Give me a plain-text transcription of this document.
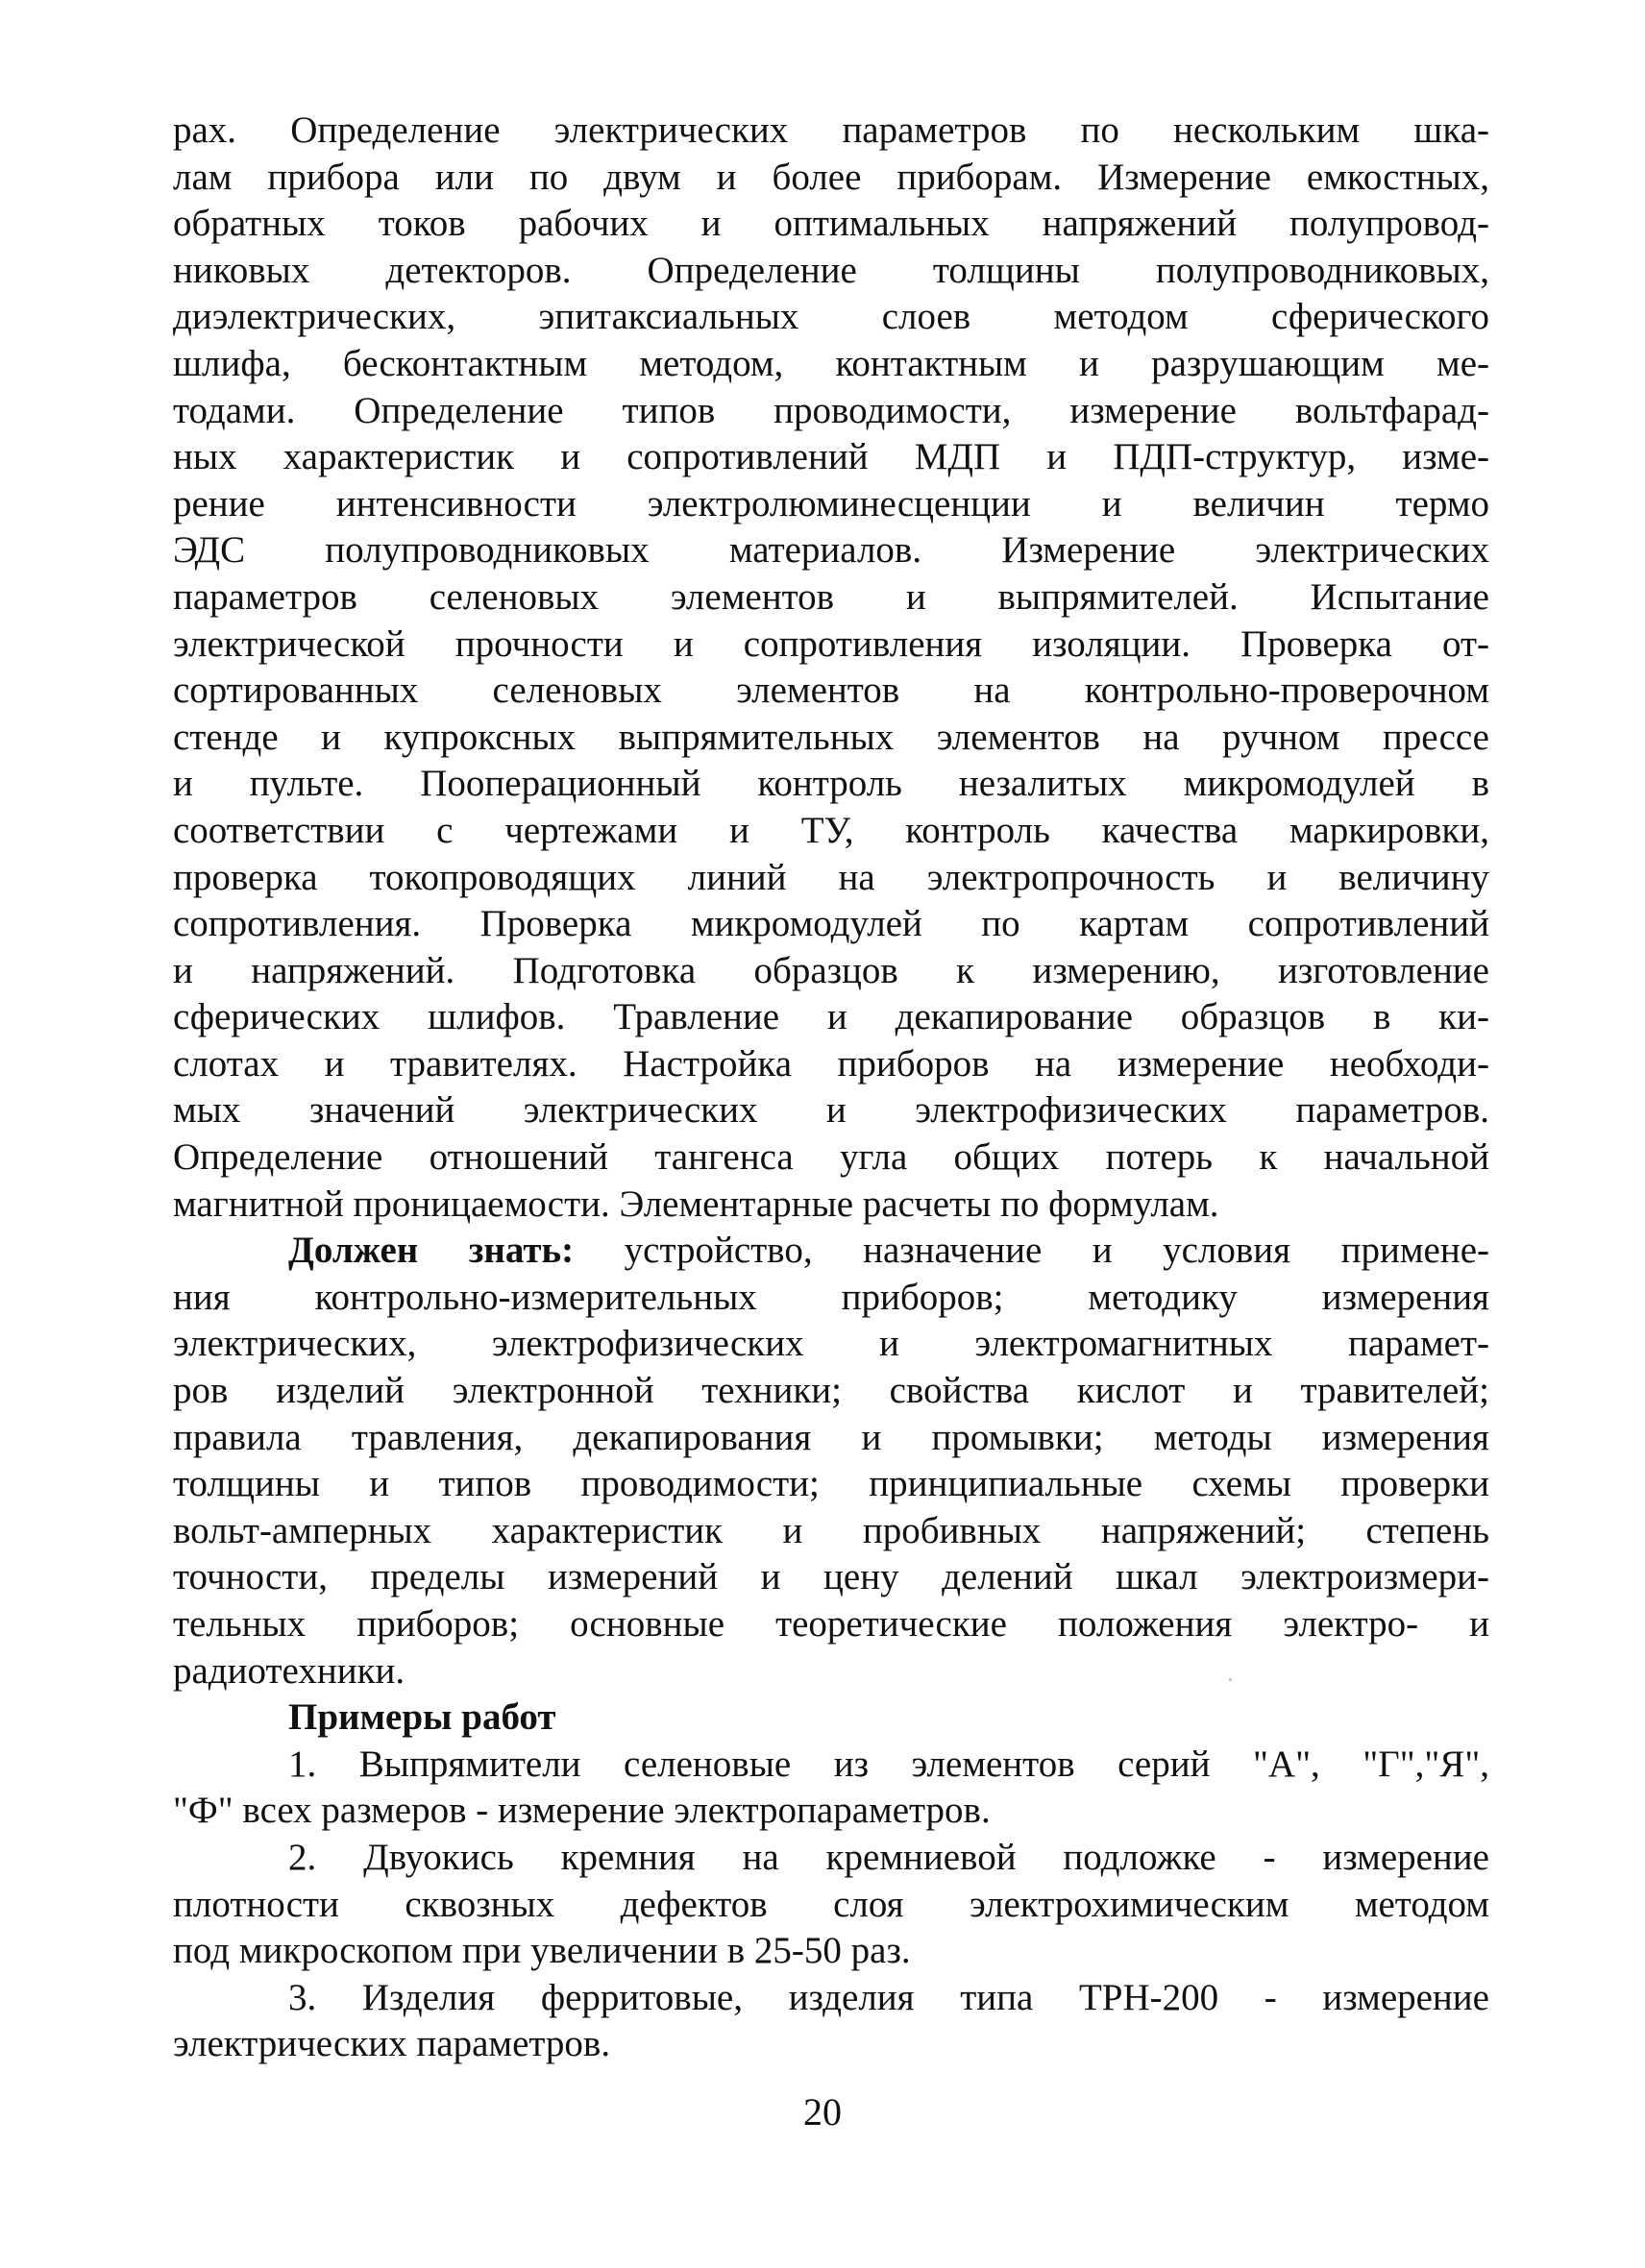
рах. Определение электрических параметров по нескольким шка-
лам прибора или по двум и более приборам. Измерение емкостных,
обратных токов рабочих и оптимальных напряжений полупровод-
никовых детекторов. Определение толщины полупроводниковых,
диэлектрических, эпитаксиальных слоев методом сферического
шлифа, бесконтактным методом, контактным и разрушающим ме-
тодами. Определение типов проводимости, измерение вольтфарад-
ных характеристик и сопротивлений МДП и ПДП-структур, изме-
рение интенсивности электролюминесценции и величин термо
ЭДС полупроводниковых материалов. Измерение электрических
параметров селеновых элементов и выпрямителей. Испытание
электрической прочности и сопротивления изоляции. Проверка от-
сортированных селеновых элементов на контрольно-проверочном
стенде и купроксных выпрямительных элементов на ручном прессе
и пульте. Пооперационный контроль незалитых микромодулей в
соответствии с чертежами и ТУ, контроль качества маркировки,
проверка токопроводящих линий на электропрочность и величину
сопротивления. Проверка микромодулей по картам сопротивлений
и напряжений. Подготовка образцов к измерению, изготовление
сферических шлифов. Травление и декапирование образцов в ки-
слотах и травителях. Настройка приборов на измерение необходи-
мых значений электрических и электрофизических параметров.
Определение отношений тангенса угла общих потерь к начальной
магнитной проницаемости. Элементарные расчеты по формулам.
Должен знать: устройство, назначение и условия примене-
ния контрольно-измерительных приборов; методику измерения
электрических, электрофизических и электромагнитных парамет-
ров изделий электронной техники; свойства кислот и травителей;
правила травления, декапирования и промывки; методы измерения
толщины и типов проводимости; принципиальные схемы проверки
вольт-амперных характеристик и пробивных напряжений; степень
точности, пределы измерений и цену делений шкал электроизмери-
тельных приборов; основные теоретические положения электро- и
радиотехники.
Примеры работ
1. Выпрямители селеновые из элементов серий "А", "Г","Я",
"Ф" всех размеров - измерение электропараметров.
2. Двуокись кремния на кремниевой подложке - измерение
плотности сквозных дефектов слоя электрохимическим методом
под микроскопом при увеличении в 25-50 раз.
3. Изделия ферритовые, изделия типа ТРН-200 - измерение
электрических параметров.
20
